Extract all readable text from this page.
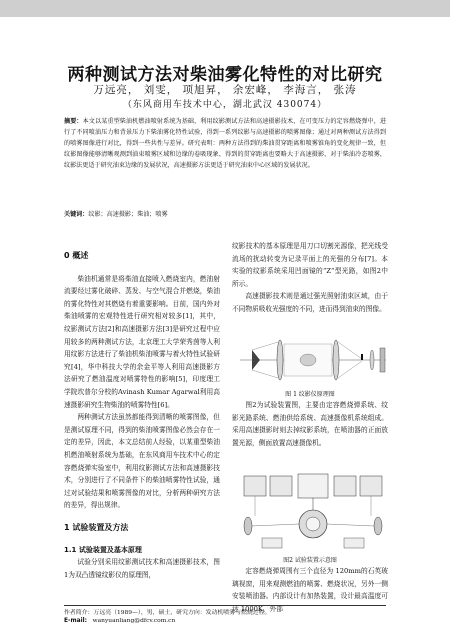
两种测试方法对柴油雾化特性的对比研究
万远亮， 刘雯， 项旭昇， 余宏峰， 李海言， 张涛
（东风商用车技术中心，湖北武汉 430074）
摘要：本文以某重型柴油机燃油喷射系统为基础，利用纹影测试方法和高速摄影技术，在可变压力的定容燃烧弹中，进行了不同喷油压力和背景压力下柴油雾化特性试验，得到一系列纹影与高速摄影的喷雾图像；通过对两种测试方法得到的喷雾图像进行对比，得到一些共性与差异。研究表明：两种方法得到的柴油贯穿距离和喷雾锥角的变化规律一致，但纹影图像能够清晰观测到油束喷雾区域和边缘的卷吸现象，得到的贯穿距离也要略大于高速摄影，对于柴油冷态喷雾，纹影法更适于研究油束边缘的发展状况，高速摄影方法更适于研究油束中心区域的发展状况。
关键词：纹影；高速摄影；柴油；喷雾
0 概述

柴油机通常是将柴油直接喷入燃烧室内，燃油射流要经过雾化破碎、蒸发、与空气混合并燃烧，柴油的雾化特性对其燃烧有着重要影响。目前，国内外对柴油喷雾的宏观特性进行研究相对较多[1]，其中，纹影测试方法[2]和高速摄影方法[3]是研究过程中应用较多的两种测试方法，北京理工大学荣秀茵等人利用纹影方法进行了柴油机柴油喷雾与着火特性试验研究[4]，华中科技大学的余金平等人利用高速摄影方法研究了燃油温度对喷雾特性的影响[5]，印度理工学院坎普尔分校的Avinash Kumar Agarwal利用高速摄影研究生物柴油的喷雾特性[6]。

两种测试方法虽然都能得到清晰的喷雾图像，但是测试原理不同，得到的柴油喷雾图像必然会存在一定的差异，因此，本文总结前人经验，以某重型柴油机燃油喷射系统为基础，在东风商用车技术中心的定容燃烧弹实验室中，利用纹影测试方法和高速摄影技术，分别进行了不同条件下的柴油喷雾特性试验，通过对试验结果和喷雾图像的对比，分析两种研究方法的差异，得出规律。

1 试验装置及方法
1.1 试验装置及基本原理

试验分别采用纹影测试技术和高速摄影技术，图1为双凸透镜纹影仪的原理图，

纹影技术的基本原理是用刀口切割光源像，把光线受流场的扰动转变为记录平面上的光强的分布[7]。本实验的纹影系统采用凹面镜的“Z”型光路，如图2中所示。

高速摄影技术则是通过强光照射油束区域，由于不同物质吸收光强度的不同，进而得到油束的图像。

图 1 纹影仪原理图

图2为试验装置图，主要由定容燃烧弹系统、纹影光路系统、燃油供给系统、高速摄像机系统组成。采用高速摄影时则去掉纹影系统，在喷油器的正面放置光源，侧面放置高速摄像机。

图2 试验装置示意图

定容燃烧弹周围有三个直径为 120mm的石英玻璃视窗，用来观测燃油的喷雾、燃烧状况，另外一侧安装喷油器。内部设计有加热装置，设计最高温度可达 1000K，外部

作者简介：万远亮（1989—），男，硕士，研究方向：发动机喷雾与燃烧过程。
E-mail: wanyuanliang@dfcv.com.cn
